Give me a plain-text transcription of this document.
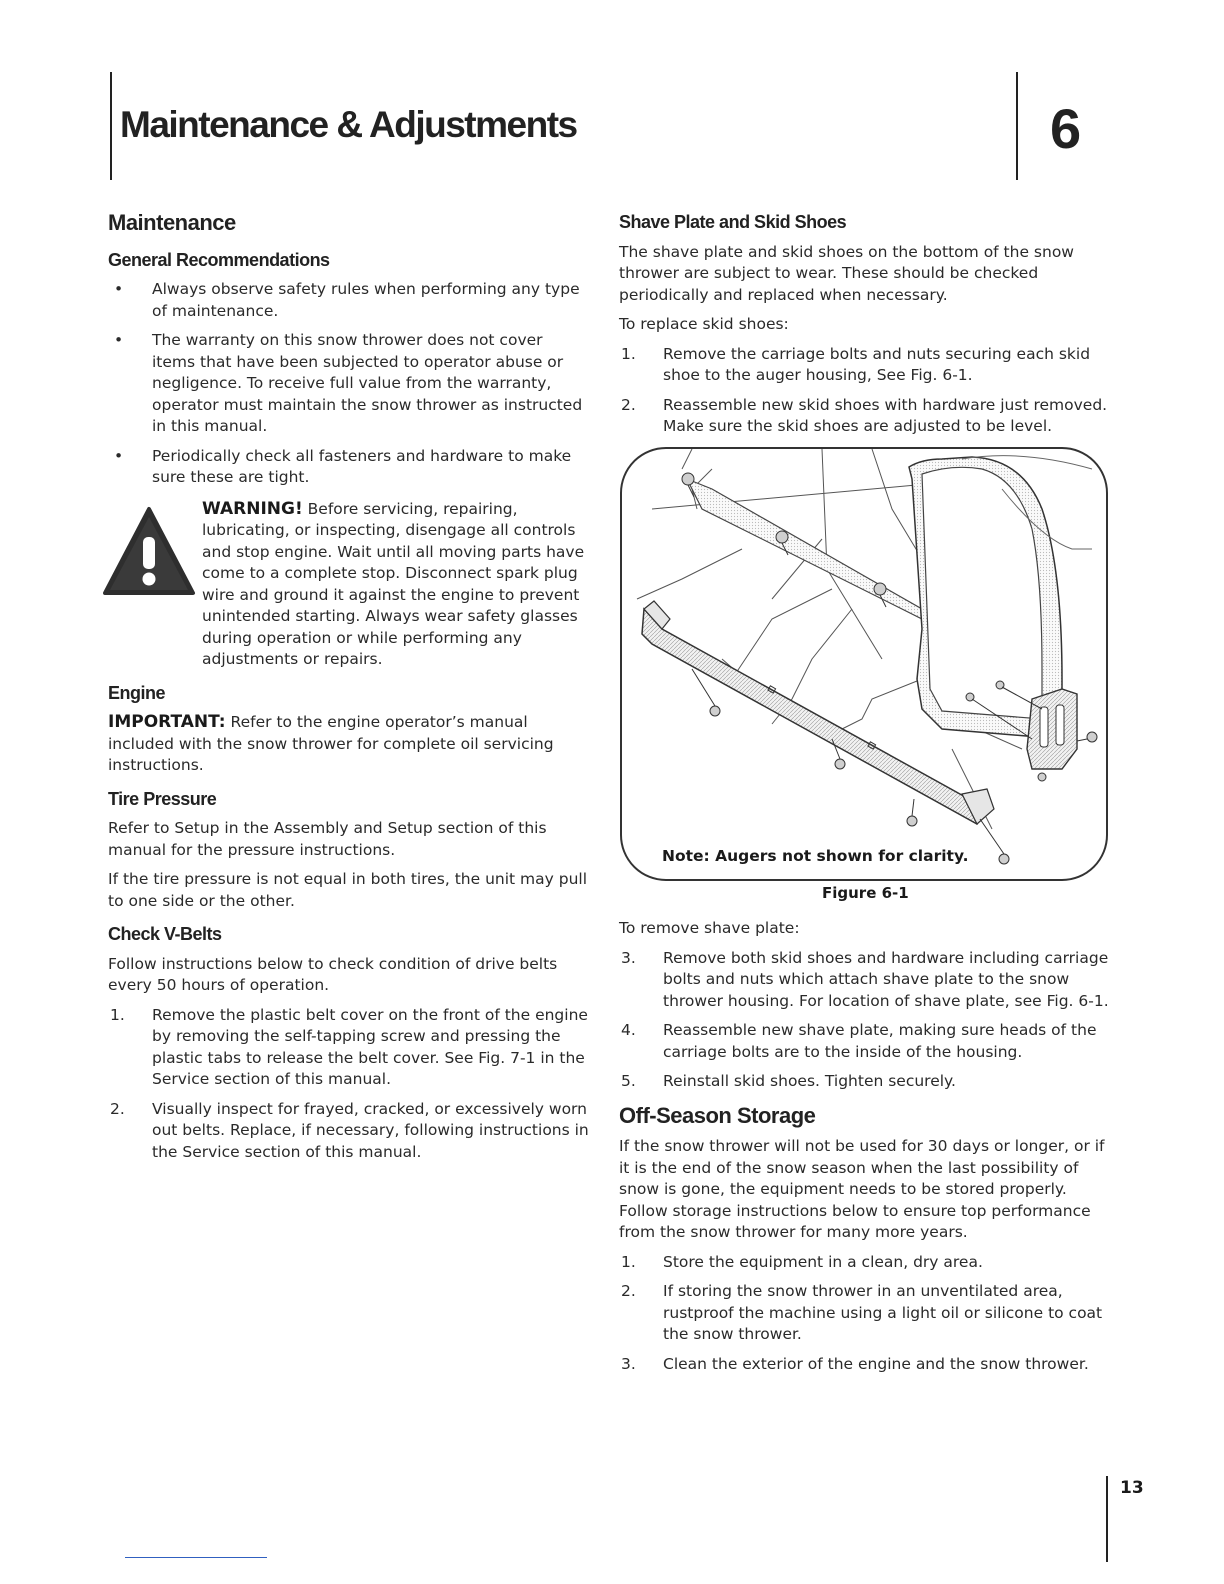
Maintenance & Adjustments	6
Maintenance
General Recommendations
• Always observe safety rules when performing any type of maintenance.

• The warranty on this snow thrower does not cover items that have been subjected to operator abuse or negligence. To receive full value from the warranty, operator must maintain the snow thrower as instructed in this manual.

• Periodically check all fasteners and hardware to make sure these are tight.

WARNING! Before servicing, repairing, lubricating, or inspecting, disengage all controls and stop engine. Wait until all moving parts have come to a complete stop. Disconnect spark plug wire and ground it against the engine to prevent unintended starting. Always wear safety glasses during operation or while performing any adjustments or repairs.

Engine

IMPORTANT: Refer to the engine operator’s manual included with the snow thrower for complete oil servicing instructions.

Tire Pressure

Refer to Setup in the Assembly and Setup section of this manual for the pressure instructions.

If the tire pressure is not equal in both tires, the unit may pull to one side or the other.

Check V-Belts

Follow instructions below to check condition of drive belts every 50 hours of operation.

1. Remove the plastic belt cover on the front of the engine by removing the self-tapping screw and pressing the plastic tabs to release the belt cover. See Fig. 7-1 in the Service section of this manual.

2. Visually inspect for frayed, cracked, or excessively worn out belts. Replace, if necessary, following instructions in the Service section of this manual.

Shave Plate and Skid Shoes

The shave plate and skid shoes on the bottom of the snow thrower are subject to wear. These should be checked periodically and replaced when necessary.

To replace skid shoes:

1. Remove the carriage bolts and nuts securing each skid shoe to the auger housing, See Fig. 6-1.

2. Reassemble new skid shoes with hardware just removed. Make sure the skid shoes are adjusted to be level.

Note: Augers not shown for clarity.
Figure 6-1

To remove shave plate:

3. Remove both skid shoes and hardware including carriage bolts and nuts which attach shave plate to the snow thrower housing. For location of shave plate, see Fig. 6-1.

4. Reassemble new shave plate, making sure heads of the carriage bolts are to the inside of the housing.

5. Reinstall skid shoes. Tighten securely.

Off-Season Storage

If the snow thrower will not be used for 30 days or longer, or if it is the end of the snow season when the last possibility of snow is gone, the equipment needs to be stored properly. Follow storage instructions below to ensure top performance from the snow thrower for many more years.

1. Store the equipment in a clean, dry area.

2. If storing the snow thrower in an unventilated area, rustproof the machine using a light oil or silicone to coat the snow thrower.

3. Clean the exterior of the engine and the snow thrower.

13
